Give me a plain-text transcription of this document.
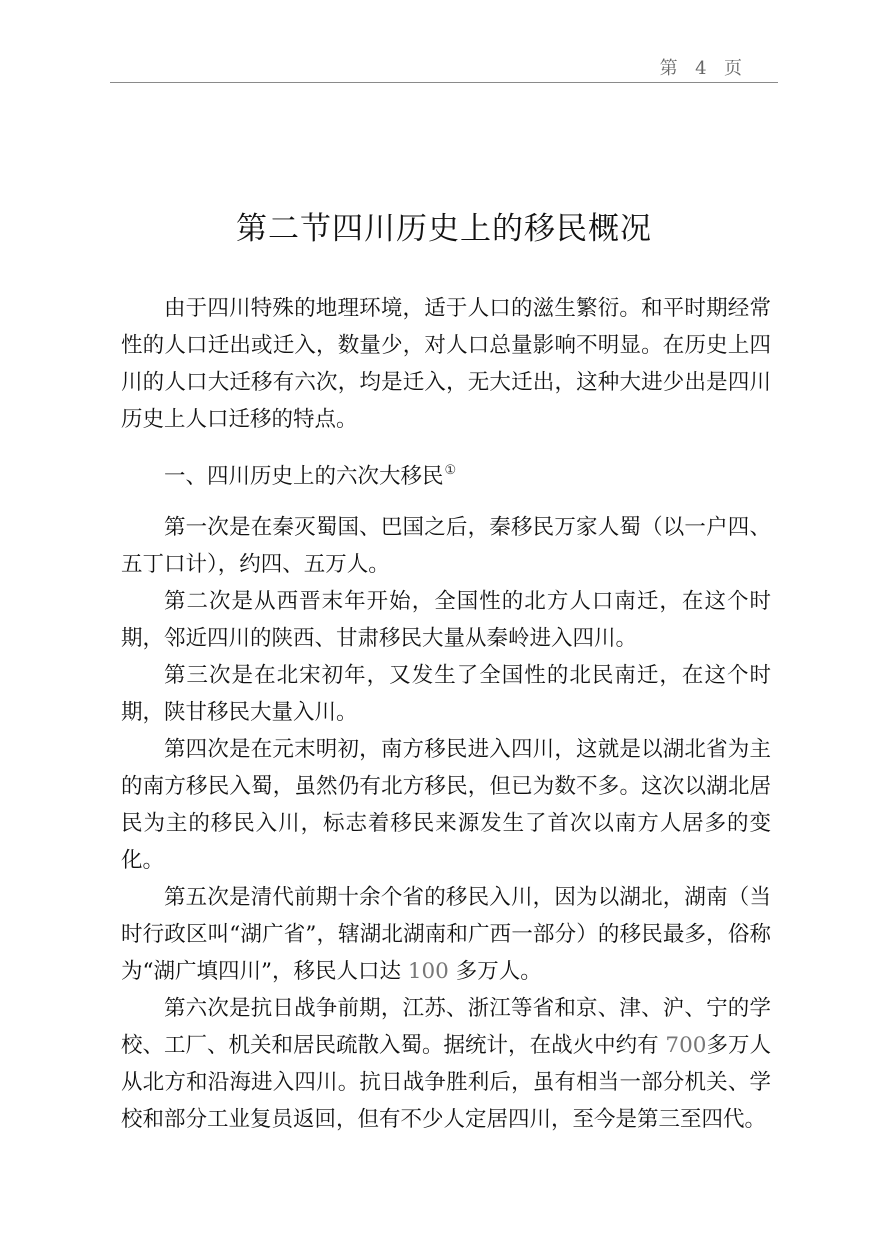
第  4  页
第二节四川历史上的移民概况

由于四川特殊的地理环境，适于人口的滋生繁衍。和平时期经常性的人口迁出或迁入，数量少，对人口总量影响不明显。在历史上四川的人口大迁移有六次，均是迁入，无大迁出，这种大进少出是四川历史上人口迁移的特点。

一、四川历史上的六次大移民①

第一次是在秦灭蜀国、巴国之后，秦移民万家人蜀（以一户四、五丁口计），约四、五万人。

第二次是从西晋末年开始，全国性的北方人口南迁，在这个时期，邻近四川的陕西、甘肃移民大量从秦岭进入四川。

第三次是在北宋初年，又发生了全国性的北民南迁，在这个时期，陕甘移民大量入川。

第四次是在元末明初，南方移民进入四川，这就是以湖北省为主的南方移民入蜀，虽然仍有北方移民，但已为数不多。这次以湖北居民为主的移民入川，标志着移民来源发生了首次以南方人居多的变化。

第五次是清代前期十余个省的移民入川，因为以湖北，湖南（当时行政区叫“湖广省”，辖湖北湖南和广西一部分）的移民最多，俗称为“湖广填四川”，移民人口达 100 多万人。

第六次是抗日战争前期，江苏、浙江等省和京、津、沪、宁的学校、工厂、机关和居民疏散入蜀。据统计，在战火中约有 700多万人从北方和沿海进入四川。抗日战争胜利后，虽有相当一部分机关、学校和部分工业复员返回，但有不少人定居四川，至今是第三至四代。
